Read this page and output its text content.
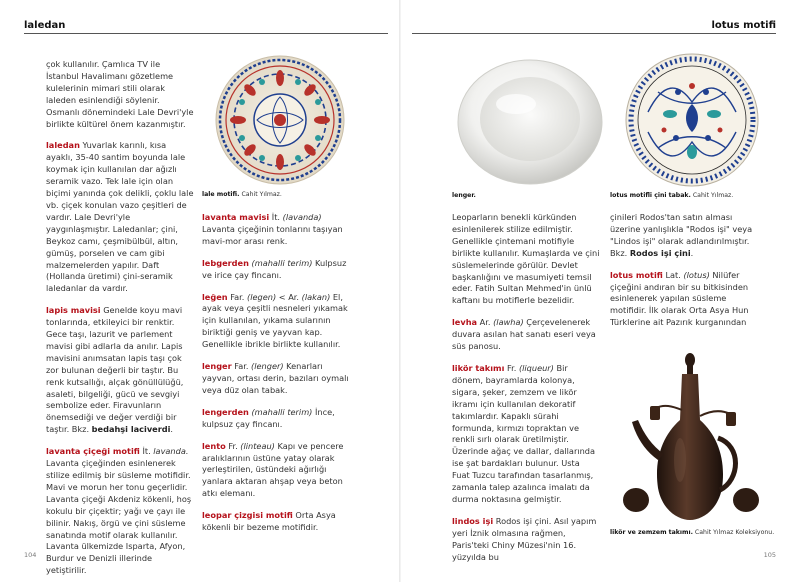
laledan

çok kullanılır. Çamlıca TV ile İstanbul Havalimanı gözetleme kulelerinin mimari stili olarak laleden esinlendiği söylenir. Osmanlı dönemindeki Lale Devri'yle birlikte kültürel önem kazanmıştır.

laledan Yuvarlak karınlı, kısa ayaklı, 35-40 santim boyunda lale koymak için kullanılan dar ağızlı seramik vazo. Tek lale için olan biçimi yanında çok delikli, çoklu lale vb. çiçek konulan vazo çeşitleri de vardır. Lale Devri'yle yaygınlaşmıştır. Laledanlar; çini, Beykoz camı, çeşmibülbül, altın, gümüş, porselen ve cam gibi malzemelerden yapılır. Daft (Hollanda üretimi) çini-seramik laledanlar da vardır.

lapis mavisi Genelde koyu mavi tonlarında, etkileyici bir renktir. Gece taşı, lazurit ve parlement mavisi gibi adlarla da anılır. Lapis mavisini anımsatan lapis taşı çok zor bulunan değerli bir taştır. Bu renk kutsallığı, alçak gönüllülüğü, asaleti, bilgeliği, gücü ve sevgiyi sembolize eder. Firavunların önemsediği ve değer verdiği bir taştır. Bkz. bedahşi laciverdi.

lavanta çiçeği motifi İt. lavanda. Lavanta çiçeğinden esinlenerek stilize edilmiş bir süsleme motifidir. Mavi ve morun her tonu geçerlidir. Lavanta çiçeği Akdeniz kökenli, hoş kokulu bir çiçektir; yağı ve çayı ile bilinir. Nakış, örgü ve çini süsleme sanatında motif olarak kullanılır. Lavanta ülkemizde Isparta, Afyon, Burdur ve Denizli illerinde yetiştirilir.

lavanta mavisi İt. (lavanda) Lavanta çiçeğinin tonlarını taşıyan mavi-mor arası renk.

lebgerden (mahalli terim) Kulpsuz ve irice çay fincanı.

leğen Far. (legen) < Ar. (lakan) El, ayak veya çeşitli nesneleri yıkamak için kullanılan, yıkama sularının biriktiği geniş ve yayvan kap. Genellikle ibrikle birlikte kullanılır.

lenger Far. (lenger) Kenarları yayvan, ortası derin, bazıları oymalı veya düz olan tabak.

lengerden (mahalli terim) İnce, kulpsuz çay fincanı.

lento Fr. (linteau) Kapı ve pencere aralıklarının üstüne yatay olarak yerleştirilen, üstündeki ağırlığı yanlara aktaran ahşap veya beton atkı elemanı.

leopar çizgisi motifi Orta Asya kökenli bir bezeme motifidir.

lale motifi. Cahit Yılmaz.
104
lotus motifi
lenger.	lotus motifli çini tabak. Cahit Yılmaz.

Leoparların benekli kürkünden esinlenilerek stilize edilmiştir. Genellikle çintemani motifiyle birlikte kullanılır. Kumaşlarda ve çini süslemelerinde görülür. Devlet başkanlığını ve masumiyeti temsil eder. Fatih Sultan Mehmed'in ünlü kaftanı bu motiflerle bezelidir.

levha Ar. (lawha) Çerçevelenerek duvara asılan hat sanatı eseri veya süs panosu.

likör takımı Fr. (liqueur) Bir dönem, bayramlarda kolonya, sigara, şeker, zemzem ve likör ikramı için kullanılan dekoratif takımlardır. Kapaklı sürahi formunda, kırmızı topraktan ve renkli sırlı olarak üretilmiştir. Üzerinde ağaç ve dallar, dallarında ise şat bardakları bulunur. Usta Fuat Tuzcu tarafından tasarlanmış, zamanla talep azalınca imalatı da durma noktasına gelmiştir.

lindos işi Rodos işi çini. Asıl yapım yeri İznik olmasına rağmen, Paris'teki Chiny Müzesi'nin 16. yüzyılda bu

çinileri Rodos'tan satın alması üzerine yanlışlıkla "Rodos işi" veya "Lindos işi" olarak adlandırılmıştır. Bkz. Rodos işi çini.

lotus motifi Lat. (lotus) Nilüfer çiçeğini andıran bir su bitkisinden esinlenerek yapılan süsleme motifidir. İlk olarak Orta Asya Hun Türklerine ait Pazırık kurganından

likör ve zemzem takımı. Cahit Yılmaz Koleksiyonu.
105
